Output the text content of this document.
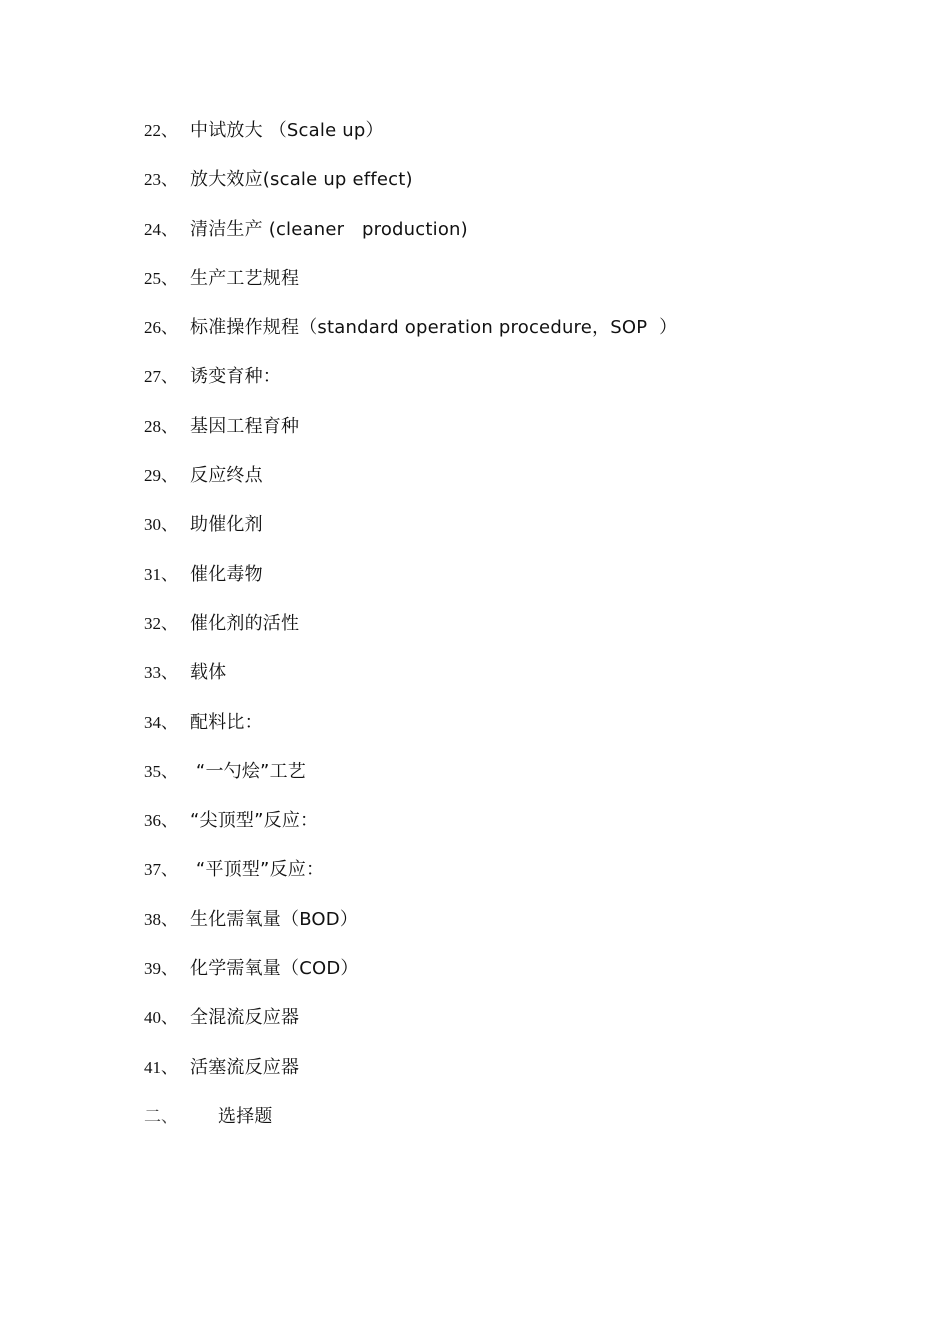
22、 中试放大 （Scale up）
23、 放大效应(scale up effect)
24、 清洁生产 (cleaner   production)
25、 生产工艺规程
26、 标准操作规程（standard operation procedure，SOP  ）
27、 诱变育种：
28、 基因工程育种
29、 反应终点
30、 助催化剂
31、 催化毒物
32、 催化剂的活性
33、 载体
34、 配料比：
35、 “一勺烩”工艺
36、 “尖顶型”反应：
37、 “平顶型”反应：
38、 生化需氧量（BOD）
39、 化学需氧量（COD）
40、 全混流反应器
41、 活塞流反应器
二、	选择题
